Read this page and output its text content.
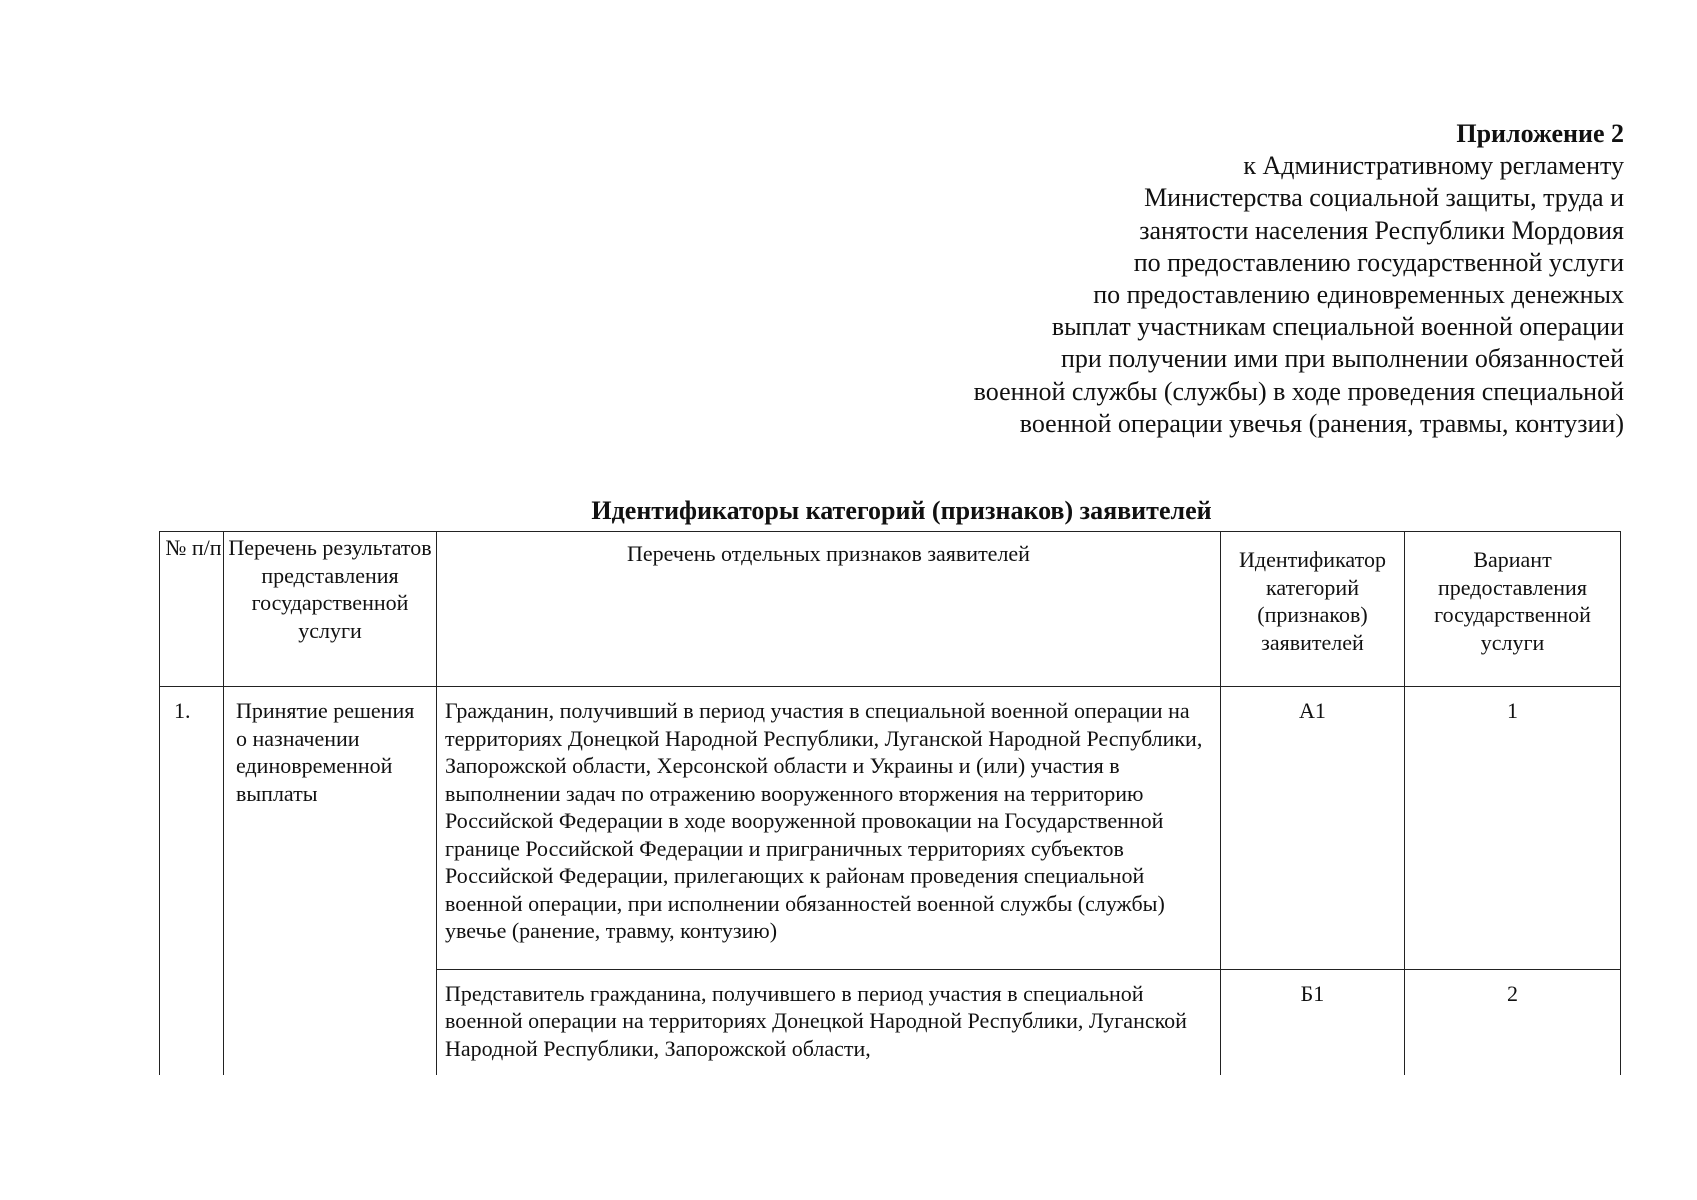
Приложение 2
к Административному регламенту
Министерства социальной защиты, труда и
занятости населения Республики Мордовия
по предоставлению государственной услуги
по предоставлению единовременных денежных
выплат участникам специальной военной операции
при получении ими при выполнении обязанностей
военной службы (службы) в ходе проведения специальной
военной операции увечья (ранения, травмы, контузии)
Идентификаторы категорий (признаков) заявителей
№ п/п	Перечень результатов представления государственной услуги	Перечень отдельных признаков заявителей	Идентификатор категорий (признаков) заявителей	Вариант предоставления государственной услуги
1.	Принятие решения о назначении единовременной выплаты	Гражданин, получивший в период участия в специальной военной операции на территориях Донецкой Народной Республики, Луганской Народной Республики, Запорожской области, Херсонской области и Украины и (или) участия в выполнении задач по отражению вооруженного вторжения на территорию Российской Федерации в ходе вооруженной провокации на Государственной границе Российской Федерации и приграничных территориях субъектов Российской Федерации, прилегающих к районам проведения специальной военной операции, при исполнении обязанностей военной службы (службы) увечье (ранение, травму, контузию)	А1	1
		Представитель гражданина, получившего в период участия в специальной военной операции на территориях Донецкой Народной Республики, Луганской Народной Республики, Запорожской области,	Б1	2
